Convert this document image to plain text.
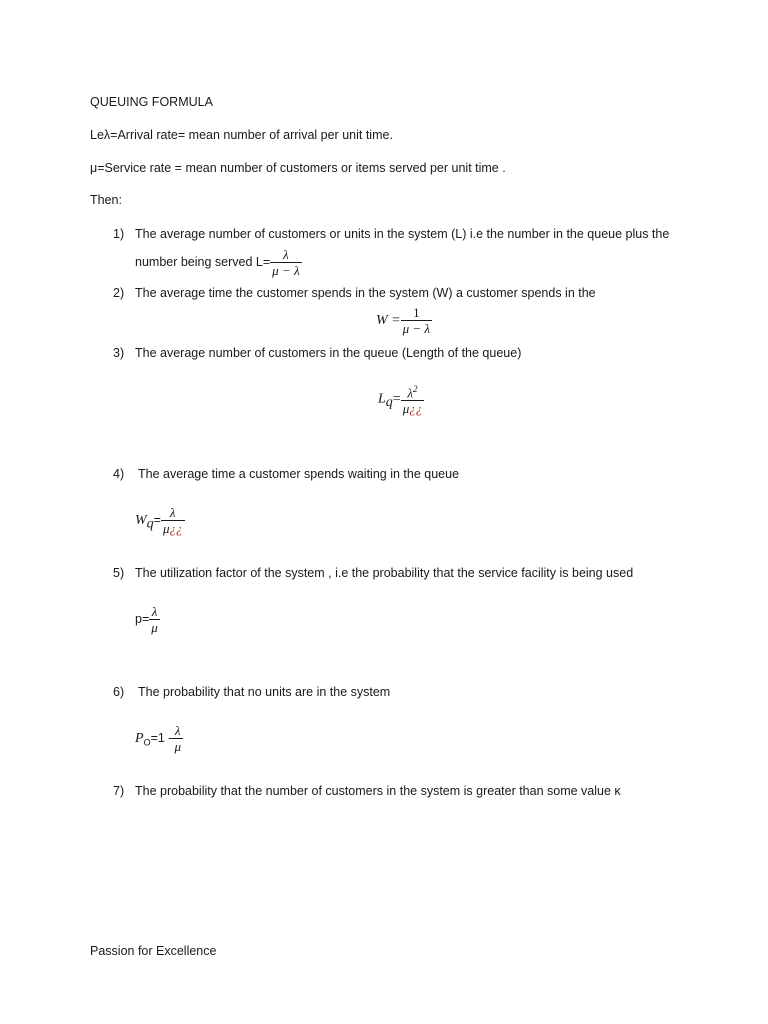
QUEUING FORMULA
Leλ=Arrival rate= mean number of arrival per unit time.
μ=Service rate = mean number of customers or items served per unit time .
Then:
1) The average number of customers or units in the system (L) i.e the number in the queue plus the
number being served $L= \frac{\lambda}{\mu - \lambda}$
2) The average time the customer spends in the system (W) a customer spends in the
$W = \frac{1}{\mu - \lambda}$
3) The average number of customers in the queue (Length of the queue)
$L_q= \frac{\lambda^2}{\mu¿¿}$
4) The average time a customer spends waiting in the queue
$W_q= \frac{\lambda}{\mu¿¿}$
5) The utilization factor of the system , i.e the probability that the service facility is being used
$p= \frac{\lambda}{\mu}$
6) The probability that no units are in the system
$P_O=1 - \frac{\lambda}{\mu}$
7) The probability that the number of customers in the system is greater than some value κ
Passion for Excellence
